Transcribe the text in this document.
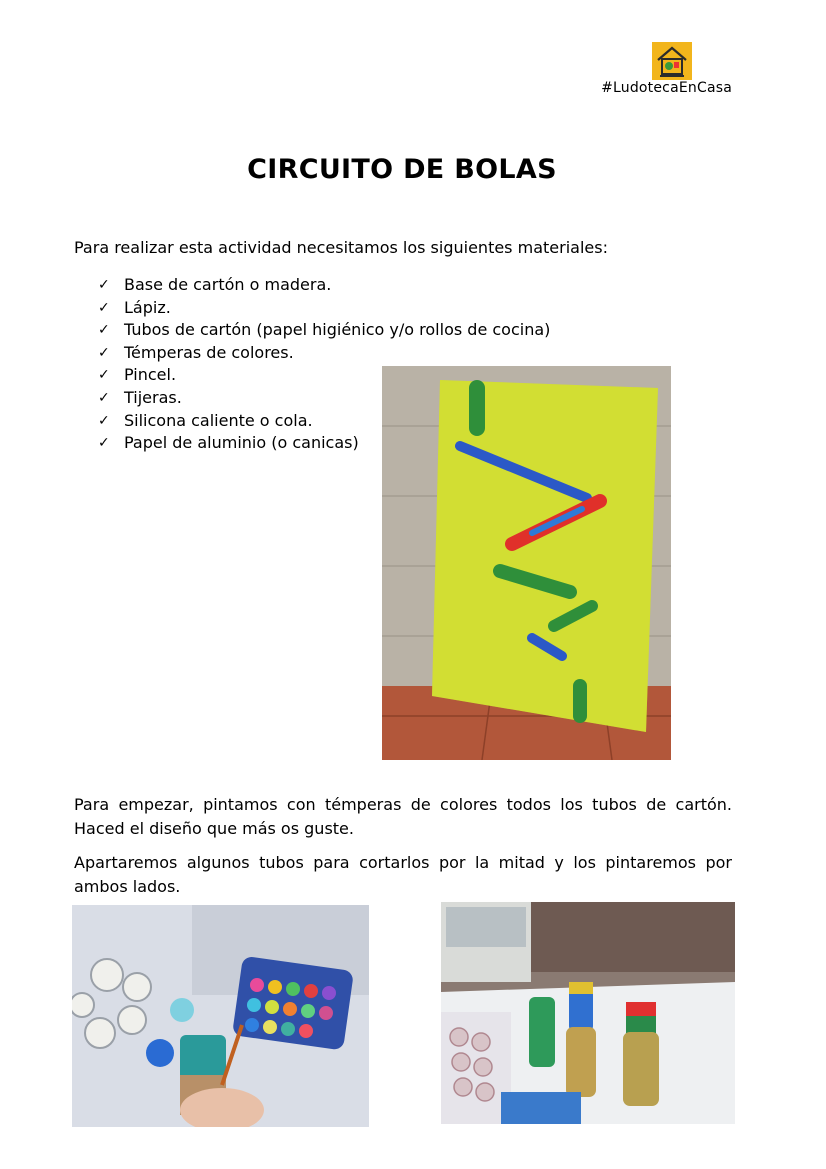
#LudotecaEnCasa
CIRCUITO DE BOLAS
Para realizar esta actividad necesitamos los siguientes materiales:
✓ Base de cartón o madera.
✓ Lápiz.
✓ Tubos de cartón (papel higiénico y/o rollos de cocina)
✓ Témperas de colores.
✓ Pincel.
✓ Tijeras.
✓ Silicona caliente o cola.
✓ Papel de aluminio (o canicas)

Para empezar, pintamos con témperas de colores todos los tubos de cartón. Haced el diseño que más os guste.

Apartaremos algunos tubos para cortarlos por la mitad y los pintaremos por ambos lados.
